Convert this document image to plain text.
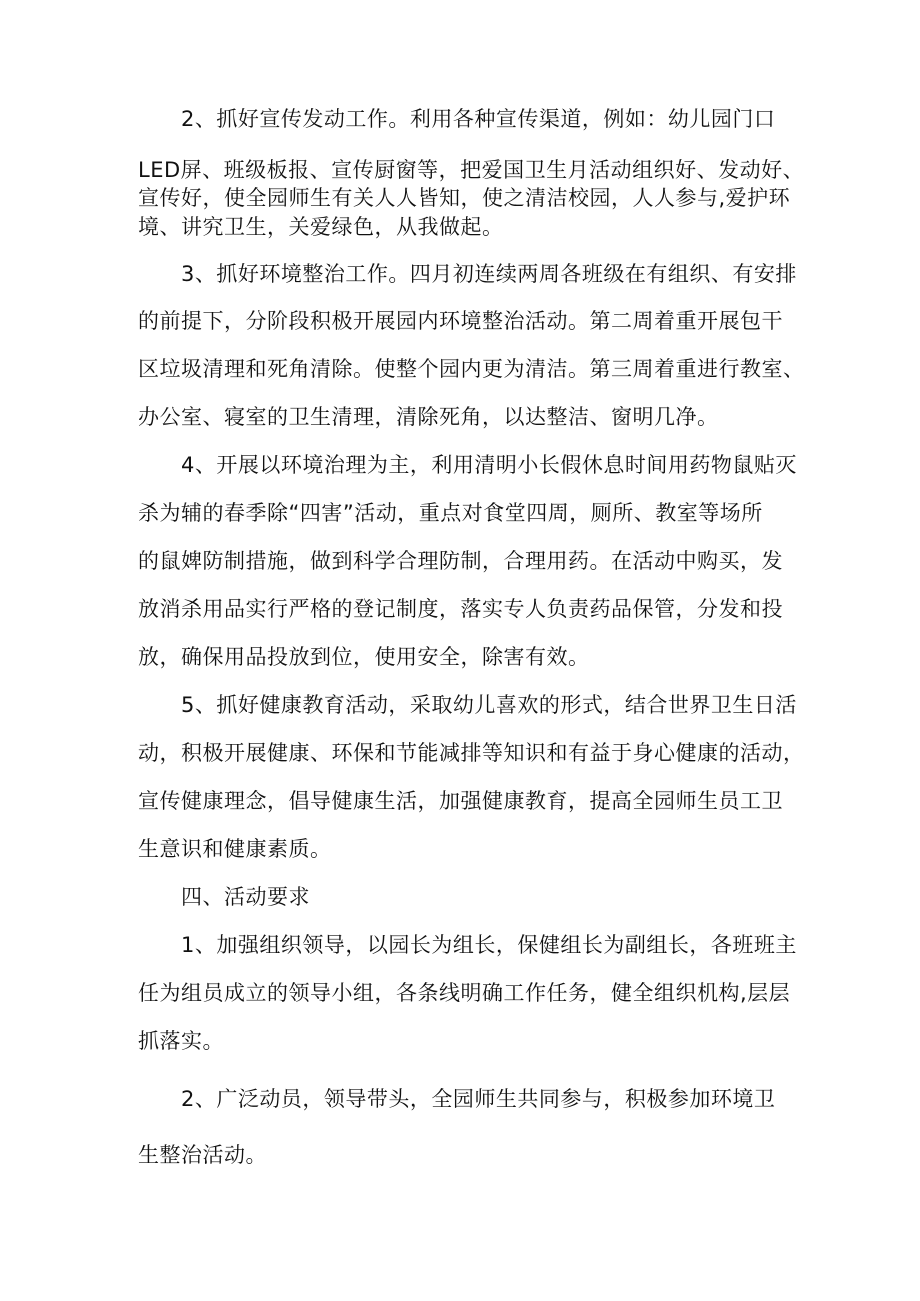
2、抓好宣传发动工作。利用各种宣传渠道，例如：幼儿园门口
LED屏、班级板报、宣传厨窗等，把爱国卫生月活动组织好、发动好、
宣传好，使全园师生有关人人皆知，使之清洁校园，人人参与,爱护环
境、讲究卫生，关爱绿色，从我做起。
3、抓好环境整治工作。四月初连续两周各班级在有组织、有安排
的前提下，分阶段积极开展园内环境整治活动。第二周着重开展包干
区垃圾清理和死角清除。使整个园内更为清洁。第三周着重进行教室、
办公室、寝室的卫生清理，清除死角，以达整洁、窗明几净。
4、开展以环境治理为主，利用清明小长假休息时间用药物鼠贴灭
杀为辅的春季除“四害”活动，重点对食堂四周，厕所、教室等场所
的鼠婢防制措施，做到科学合理防制，合理用药。在活动中购买，发
放消杀用品实行严格的登记制度，落实专人负责药品保管，分发和投
放，确保用品投放到位，使用安全，除害有效。
5、抓好健康教育活动，采取幼儿喜欢的形式，结合世界卫生日活
动，积极开展健康、环保和节能减排等知识和有益于身心健康的活动，
宣传健康理念，倡导健康生活，加强健康教育，提高全园师生员工卫
生意识和健康素质。
四、活动要求
1、加强组织领导，以园长为组长，保健组长为副组长，各班班主
任为组员成立的领导小组，各条线明确工作任务，健全组织机构,层层
抓落实。
2、广泛动员，领导带头，全园师生共同参与，积极参加环境卫
生整治活动。
